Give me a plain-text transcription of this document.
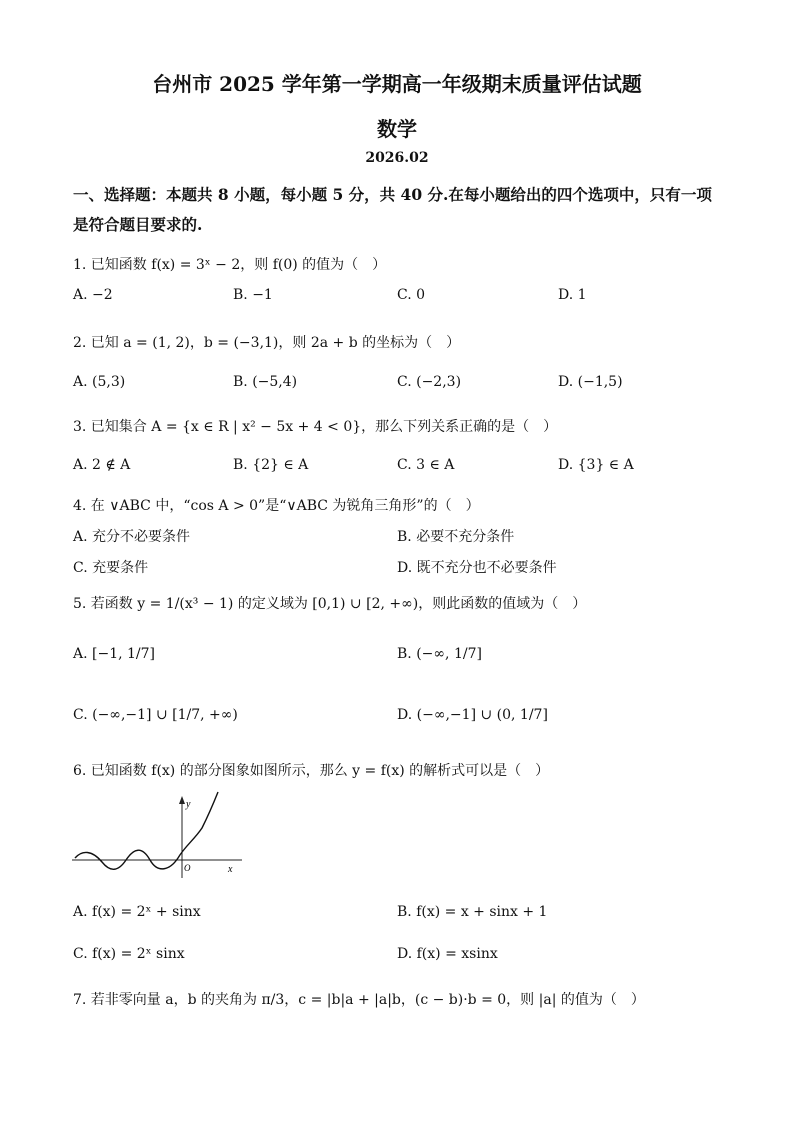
台州市 2025 学年第一学期高一年级期末质量评估试题
数学
2026.02
一、选择题：本题共 8 小题，每小题 5 分，共 40 分.在每小题给出的四个选项中，只有一项是符合题目要求的.
1. 已知函数 f(x) = 3ˣ − 2，则 f(0) 的值为（　）
A. −2	B. −1	C. 0	D. 1
2. 已知 a = (1, 2)，b = (−3,1)，则 2a + b 的坐标为（　）
A. (5,3)	B. (−5,4)	C. (−2,3)	D. (−1,5)
3. 已知集合 A = {x ∈ R | x² − 5x + 4 < 0}，那么下列关系正确的是（　）
A. 2 ∉ A	B. {2} ∈ A	C. 3 ∈ A	D. {3} ∈ A
4. 在 ∨ABC 中，“cos A > 0”是“∨ABC 为锐角三角形”的（　）
A. 充分不必要条件	B. 必要不充分条件
C. 充要条件	D. 既不充分也不必要条件
5. 若函数 y = 1/(x³ − 1) 的定义域为 [0,1) ∪ [2, +∞)，则此函数的值域为（　）
A. [−1, 1/7]	B. (−∞, 1/7]
C. (−∞,−1] ∪ [1/7, +∞)	D. (−∞,−1] ∪ (0, 1/7]
6. 已知函数 f(x) 的部分图象如图所示，那么 y = f(x) 的解析式可以是（　）
y
x
O
A. f(x) = 2ˣ + sinx	B. f(x) = x + sinx + 1
C. f(x) = 2ˣ sinx	D. f(x) = xsinx
7. 若非零向量 a，b 的夹角为 π/3，c = |b|a + |a|b，(c − b)·b = 0，则 |a| 的值为（　）
